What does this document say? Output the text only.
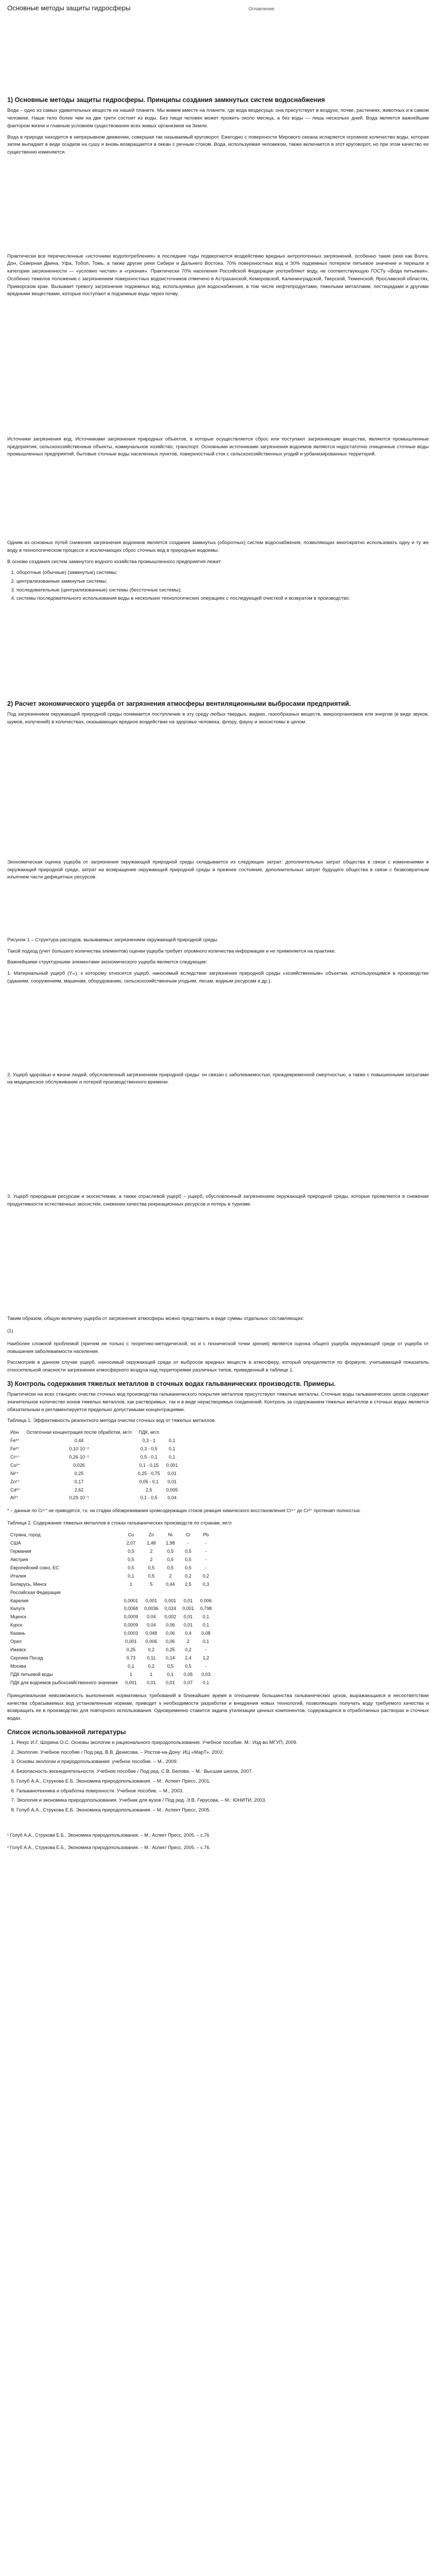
Основные методы защиты гидросферы	Оглавление
1) Основные методы защиты гидросферы. Принципы создания замкнутых систем водоснабжения

Вода – одно из самых удивительных веществ на нашей планете. Мы живем вместе на планете, где вода вездесуща: она присутствует в воздухе, почве, растениях, животных и в самом человеке. Наше тело более чем на две трети состоит из воды. Без пищи человек может прожить около месяца, а без воды — лишь несколько дней. Вода является важнейшим фактором жизни и главным условием существования всех живых организмов на Земле.

Вода в природе находится в непрерывном движении, совершая так называемый круговорот. Ежегодно с поверхности Мирового океана испаряется огромное количество воды, которая затем выпадает в виде осадков на сушу и вновь возвращается в океан с речным стоком. Вода, используемая человеком, также включается в этот круговорот, но при этом качество ее существенно изменяется.

Практически все перечисленные «источники водопотребления» в последние годы подвергаются воздействию вредных антропогенных загрязнений, особенно такие реки как Волга, Дон, Северная Двина, Уфа, Тобол, Томь, а также другие реки Сибири и Дальнего Востока. 70% поверхностных вод и 30% подземных потеряли питьевое значение и перешли в категории загрязненности — «условно чистая» и «грязная». Практически 70% населения Российской Федерации употребляют воду, не соответствующую ГОСТу «Вода питьевая». Особенно тяжелое положение с загрязнением поверхностных водоисточников отмечено в Астраханской, Кемеровской, Калининградской, Тверской, Тюменской, Ярославской областях, Приморском крае. Вызывает тревогу загрязнение подземных вод, используемых для водоснабжения, в том числе нефтепродуктами, тяжелыми металлами, пестицидами и другими вредными веществами, которые поступают в подземные воды через почву.

Источники загрязнения вод. Источниками загрязнения природных объектов, в которые осуществляется сброс или поступают загрязняющие вещества, являются промышленные предприятия, сельскохозяйственные объекты, коммунальное хозяйство, транспорт. Основными источниками загрязнения водоемов являются недостаточно очищенные сточные воды промышленных предприятий, бытовые сточные воды населенных пунктов, поверхностный сток с сельскохозяйственных угодий и урбанизированных территорий.

Одним из основных путей снижения загрязнения водоемов является создание замкнутых (оборотных) систем водоснабжения, позволяющих многократно использовать одну и ту же воду в технологическом процессе и исключающих сброс сточных вод в природные водоемы.

В основе создания систем замкнутого водного хозяйства промышленного предприятия лежат:

1. оборотные (обычные) (замкнутые) системы;
2. централизованные замкнутые системы;
3. последовательные (централизованные) системы (бессточные системы);
4. системы последовательного использования воды в нескольких технологических операциях с последующей очисткой и возвратом в производство.
2) Расчет экономического ущерба от загрязнения атмосферы вентиляционными выбросами предприятий.

Под загрязнением окружающей природной среды понимается поступление в эту среду любых твердых, жидких, газообразных веществ, микроорганизмов или энергии (в виде звуков, шумов, излучений) в количествах, оказывающих вредное воздействие на здоровье человека, флору, фауну и экосистемы в целом.

Экономическая оценка ущерба от загрязнения окружающей природной среды складывается из следующих затрат: дополнительных затрат общества в связи с изменениями в окружающей природной среде, затрат на возвращение окружающей природной среды в прежнее состояние, дополнительных затрат будущего общества в связи с безвозвратным изъятием части дефицитных ресурсов.

Рисунок 1 – Структура расходов, вызываемых загрязнением окружающей природной среды.

Такой подход (учет большего количества элементов) оценки ущерба требует огромного количества информации и не применяется на практике.

Важнейшими структурными элементами экономического ущерба являются следующие:

1. Материальный ущерб (Yₘ), к которому относится ущерб, наносимый вследствие загрязнения природной среды «хозяйственным» объектам, использующимся в производстве (зданиям, сооружениям, машинам, оборудованию, сельскохозяйственным угодьям, лесам, водным ресурсам и др.).

2. Ущерб здоровью и жизни людей, обусловленный загрязнением природной среды: он связан с заболеваемостью, преждевременной смертностью, а также с повышенными затратами на медицинское обслуживание и потерей производственного времени.

3. Ущерб природным ресурсам и экосистемам, а также отраслевой ущерб – ущерб, обусловленный загрязнением окружающей природной среды, которые проявляется в снижении продуктивности естественных экосистем, снижении качества рекреационных ресурсов и потерь в туризме.

Таким образом, общую величину ущерба от загрязнения атмосферы можно представить в виде суммы отдельных составляющих:

(1)

Наиболее сложной проблемой (причем не только с теоретико-методической, но и с технической точки зрения) является оценка общего ущерба окружающей среде от ущерба от повышения заболеваемости населения.

Рассмотрим в данном случае ущерб, наносимый окружающей среде от выбросов вредных веществ в атмосферу, который определяется по формуле, учитывающей показатель относительной опасности загрязнения атмосферного воздуха над территориями различных типов, приведенный в таблице 1.

3) Контроль содержания тяжелых металлов в сточных водах гальванических производств. Примеры.

Практически на всех станциях очистки сточных вод производства гальванического покрытия металлов присутствуют тяжелые металлы. Сточные воды гальванических цехов содержат значительное количество ионов тяжелых металлов, как растворимых, так и в виде нерастворимых соединений. Контроль за содержанием тяжелых металлов в сточных водах является обязательным и регламентируется предельно допустимыми концентрациями.

Таблица 1. Эффективность реагентного метода очистки сточных вод от тяжелых металлов

Ион	Остаточная концентрация после обработки, мг/л	ПДК, мг/л	
Fe³⁺	0,44	0,3 - 1	0,1
Fe²⁺	0,10·10⁻²	0,3 - 0,5	0,1
Cr⁶⁺	0,26·10⁻¹	0,5 - 0,1	0,1
Cu²⁺	0,026	0,1 - 0,15	0,001
Ni²⁺	0,25	0,25 - 0,75	0,01
Zn²⁺	0,17	0,05 - 0,1	0,01
Cd²⁺	2,62	2,5	0,005
Al³⁺	0,29·10⁻¹	0,1 - 0,5	0,04

* – данные по Cr⁶⁺ не приводятся, т.к. на стадии обезвреживания хромсодержащих стоков реакция химического восстановления Cr⁶⁺ до Cr³⁺ протекает полностью.

Таблица 2. Содержание тяжелых металлов в стоках гальванических производств по странам, мг/л

Страна, город	Cu	Zn	Ni	Cr	Pb
США	2,07	1,48	1,98	-	-
Германия	0,5	2	0,5	0,5	-
Австрия	0,5	2	0,5	0,5	-
Европейский союз, ЕС	0,5	0,5	0,5	0,5	-
Италия	0,1	0,5	2	0,2	0,2
Беларусь, Минск	1	5	0,44	2,5	0,3
Российская Федерация					
Карелия	0,0001	0,001	0,001	0,01	0,006
Калуга	0,0068	0,0036	0,024	0,001	0,798
Мценск	0,0009	0,04	0,002	0,01	0,1
Курск	0,0009	0,04	0,06	0,01	0,1
Казань	0,0003	0,048	0,06	0,4	0,08
Орел	0,001	0,006	0,06	2	0,1
Ижевск	0,25	0,2	0,25	0,2	-
Сергиев Посад	0,73	0,11	0,14	2,4	1,2
Москва	0,1	0,2	0,5	0,5	-
ПДК питьевой воды	1	1	0,1	0,05	0,03
ПДК для водоемов рыбохозяйственного значения	0,001	0,01	0,01	0,07	0,1

Принципиальная невозможность выполнения нормативных требований в ближайшее время в отношении большинства гальванических цехов, выражающаяся в несоответствии качества сбрасываемых вод установленным нормам, приводит к необходимости разработки и внедрения новых технологий, позволяющих получать воду требуемого качества и возвращать ее в производство для повторного использования. Одновременно ставится задача утилизации ценных компонентов, содержащихся в отработанных растворах и сточных водах.

Список использованной литературы
1. Рекус И.Г. Шорина О.С. Основы экологии и рационального природопользования. Учебное пособие. М.: Изд-во МГУП, 2009.
2. Экология. Учебное пособие / Под ред. В.В. Денисова. – Ростов-на-Дону: ИЦ «МарТ», 2002.
3. Основы экологии и природопользования: учебное пособие. – М., 2009.
4. Безопасность жизнедеятельности. Учебное пособие / Под ред. С.В. Белова. – М.: Высшая школа, 2007.
5. Голуб А.А., Струкова Е.Б. Экономика природопользования. – М.: Аспект Пресс, 2001.
6. Гальванотехника и обработка поверхности. Учебное пособие. – М., 2003.
7. Экология и экономика природопользования. Учебник для вузов / Под ред. Э.В. Гирусова. – М.: ЮНИТИ, 2003.
8. Голуб А.А., Струкова Е.Б. Экономика природопользования. – М.: Аспект Пресс, 2005.

¹ Голуб А.А., Струкова Е.Б., Экономика природопользования. – М.: Аспект Пресс, 2005. – с.76

² Голуб А.А., Струкова Е.Б., Экономика природопользования. – М.: Аспект Пресс, 2005. – с.76.
